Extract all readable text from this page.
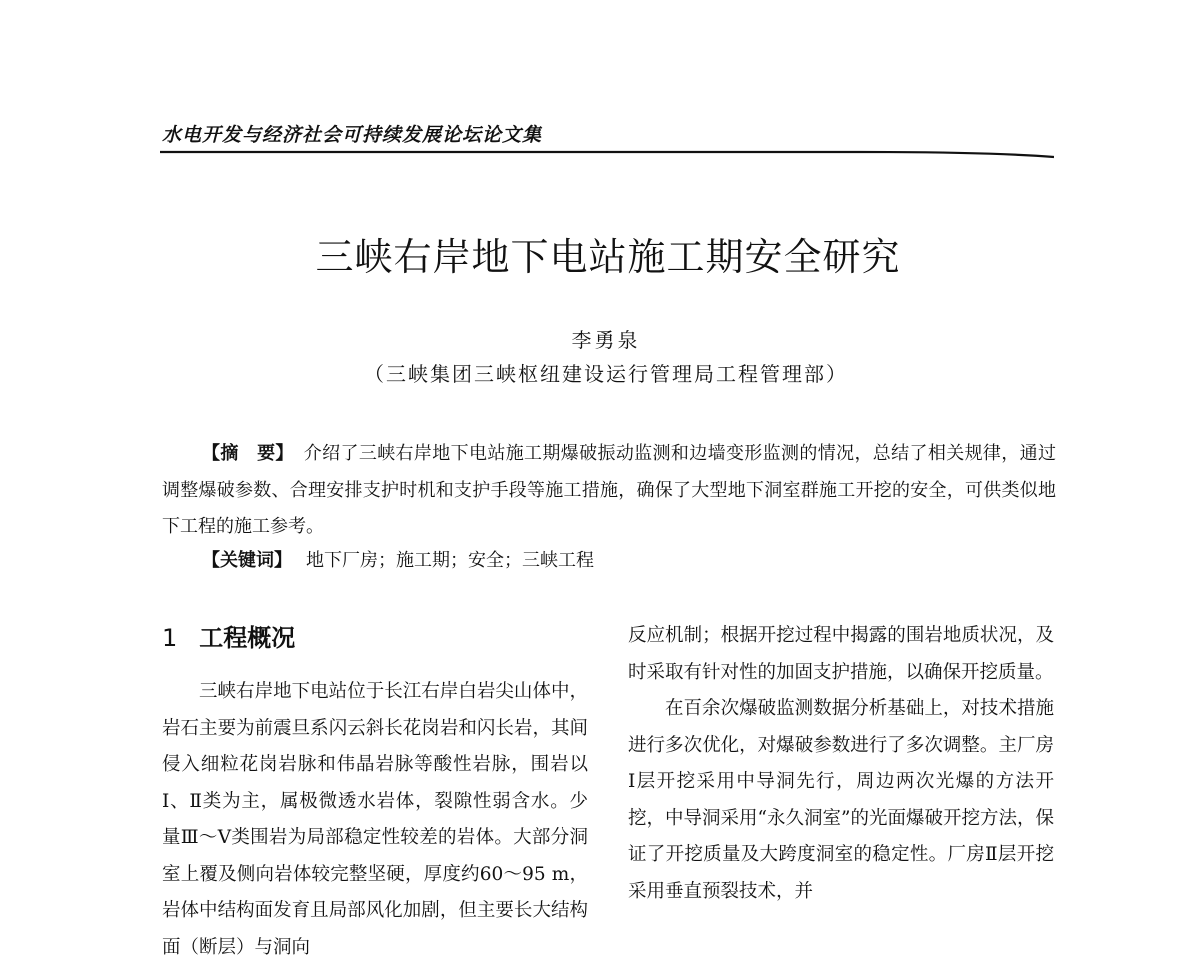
水电开发与经济社会可持续发展论坛论文集
三峡右岸地下电站施工期安全研究
李勇泉
（三峡集团三峡枢纽建设运行管理局工程管理部）
【摘　要】 介绍了三峡右岸地下电站施工期爆破振动监测和边墙变形监测的情况，总结了相关规律，通过调整爆破参数、合理安排支护时机和支护手段等施工措施，确保了大型地下洞室群施工开挖的安全，可供类似地下工程的施工参考。
【关键词】 地下厂房；施工期；安全；三峡工程
1 工程概况

三峡右岸地下电站位于长江右岸白岩尖山体中，岩石主要为前震旦系闪云斜长花岗岩和闪长岩，其间侵入细粒花岗岩脉和伟晶岩脉等酸性岩脉，围岩以Ⅰ、Ⅱ类为主，属极微透水岩体，裂隙性弱含水。少量Ⅲ～Ⅴ类围岩为局部稳定性较差的岩体。大部分洞室上覆及侧向岩体较完整坚硬，厚度约60～95 m，岩体中结构面发育且局部风化加剧，但主要长大结构面（断层）与洞向

反应机制；根据开挖过程中揭露的围岩地质状况，及时采取有针对性的加固支护措施，以确保开挖质量。

在百余次爆破监测数据分析基础上，对技术措施进行多次优化，对爆破参数进行了多次调整。主厂房Ⅰ层开挖采用中导洞先行，周边两次光爆的方法开挖，中导洞采用“永久洞室”的光面爆破开挖方法，保证了开挖质量及大跨度洞室的稳定性。厂房Ⅱ层开挖采用垂直预裂技术，并
